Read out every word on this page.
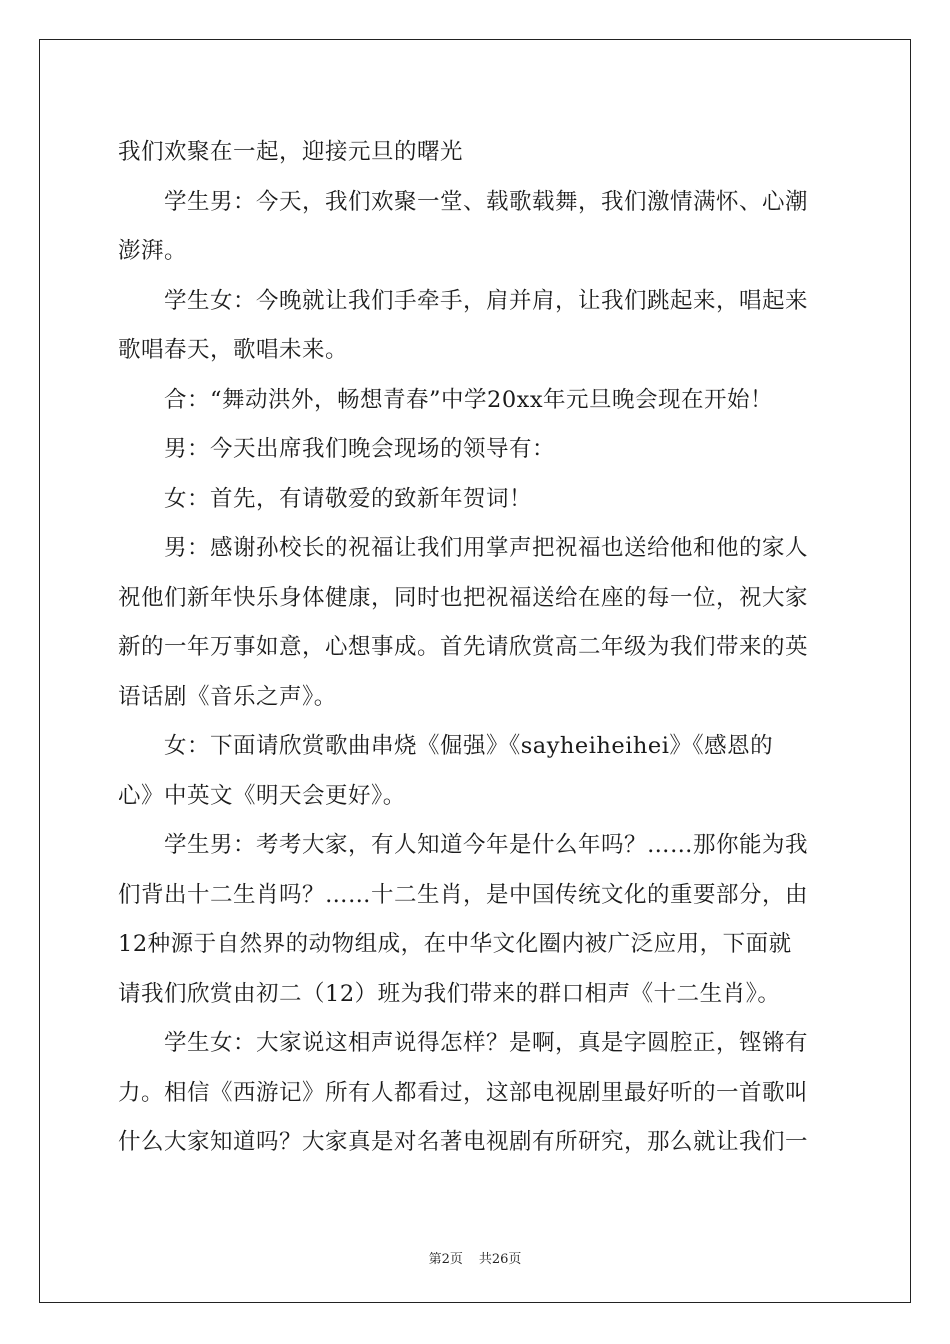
我们欢聚在一起，迎接元旦的曙光
学生男：今天，我们欢聚一堂、载歌载舞，我们激情满怀、心潮
澎湃。
学生女：今晚就让我们手牵手，肩并肩，让我们跳起来，唱起来
歌唱春天，歌唱未来。
合：“舞动洪外，畅想青春”中学20xx年元旦晚会现在开始！
男：今天出席我们晚会现场的领导有：
女：首先，有请敬爱的致新年贺词！
男：感谢孙校长的祝福让我们用掌声把祝福也送给他和他的家人
祝他们新年快乐身体健康，同时也把祝福送给在座的每一位，祝大家
新的一年万事如意，心想事成。首先请欣赏高二年级为我们带来的英
语话剧《音乐之声》。
女：下面请欣赏歌曲串烧《倔强》《sayheiheihei》《感恩的
心》中英文《明天会更好》。
学生男：考考大家，有人知道今年是什么年吗？……那你能为我
们背出十二生肖吗？……十二生肖，是中国传统文化的重要部分，由
12种源于自然界的动物组成，在中华文化圈内被广泛应用，下面就
请我们欣赏由初二（12）班为我们带来的群口相声《十二生肖》。
学生女：大家说这相声说得怎样？是啊，真是字圆腔正，铿锵有
力。相信《西游记》所有人都看过，这部电视剧里最好听的一首歌叫
什么大家知道吗？大家真是对名著电视剧有所研究，那么就让我们一
第2页 共26页
